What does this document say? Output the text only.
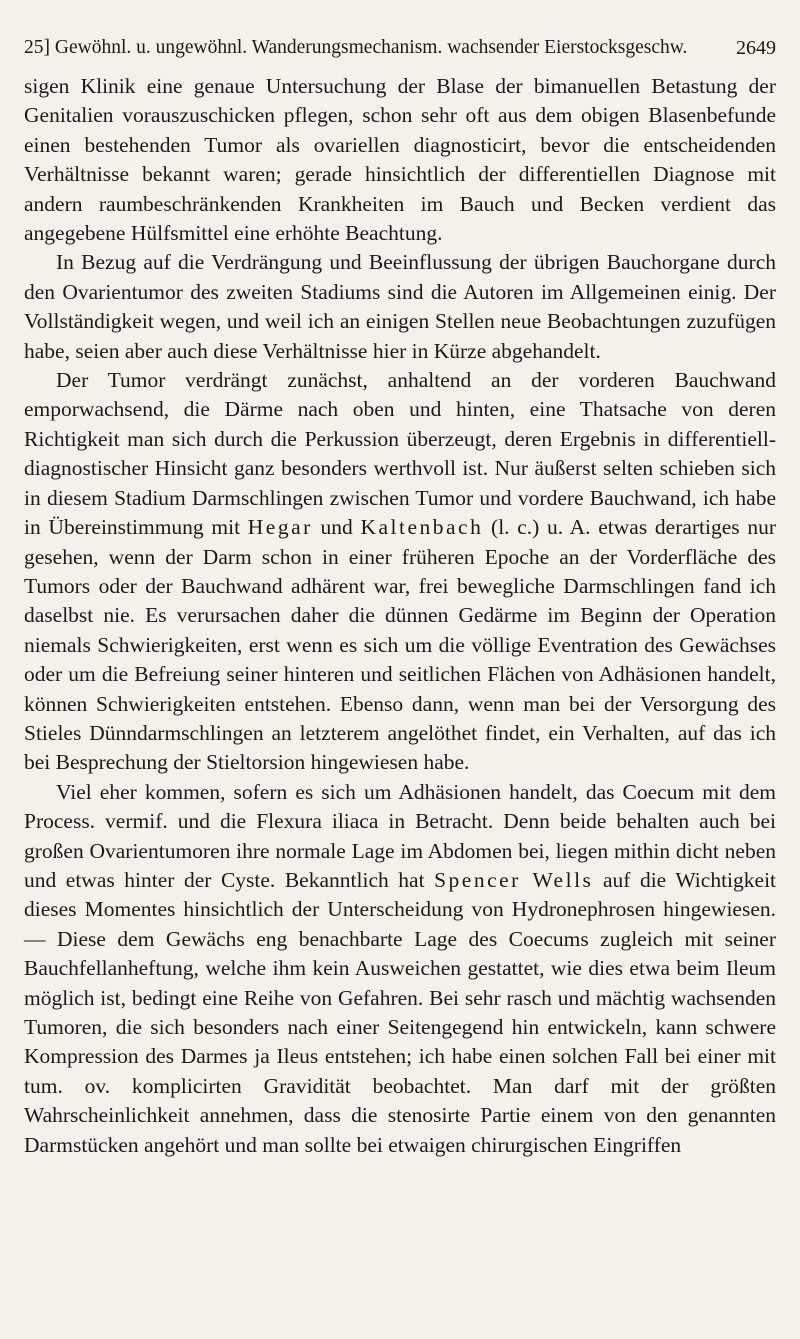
25] Gewöhnl. u. ungewöhnl. Wanderungsmechanism. wachsender Eierstocksgeschw. 2649

sigen Klinik eine genaue Untersuchung der Blase der bimanuellen Betastung der Genitalien vorauszuschicken pflegen, schon sehr oft aus dem obigen Blasenbefunde einen bestehenden Tumor als ovariellen diagnosticirt, bevor die entscheidenden Verhältnisse bekannt waren; gerade hinsichtlich der differentiellen Diagnose mit andern raumbeschränkenden Krankheiten im Bauch und Becken verdient das angegebene Hülfsmittel eine erhöhte Beachtung.

In Bezug auf die Verdrängung und Beeinflussung der übrigen Bauchorgane durch den Ovarientumor des zweiten Stadiums sind die Autoren im Allgemeinen einig. Der Vollständigkeit wegen, und weil ich an einigen Stellen neue Beobachtungen zuzufügen habe, seien aber auch diese Verhältnisse hier in Kürze abgehandelt.

Der Tumor verdrängt zunächst, anhaltend an der vorderen Bauchwand emporwachsend, die Därme nach oben und hinten, eine Thatsache von deren Richtigkeit man sich durch die Perkussion überzeugt, deren Ergebnis in differentiell-diagnostischer Hinsicht ganz besonders werthvoll ist. Nur äußerst selten schieben sich in diesem Stadium Darmschlingen zwischen Tumor und vordere Bauchwand, ich habe in Übereinstimmung mit Hegar und Kaltenbach (l. c.) u. A. etwas derartiges nur gesehen, wenn der Darm schon in einer früheren Epoche an der Vorderfläche des Tumors oder der Bauchwand adhärent war, frei bewegliche Darmschlingen fand ich daselbst nie. Es verursachen daher die dünnen Gedärme im Beginn der Operation niemals Schwierigkeiten, erst wenn es sich um die völlige Eventration des Gewächses oder um die Befreiung seiner hinteren und seitlichen Flächen von Adhäsionen handelt, können Schwierigkeiten entstehen. Ebenso dann, wenn man bei der Versorgung des Stieles Dünndarmschlingen an letzterem angelöthet findet, ein Verhalten, auf das ich bei Besprechung der Stieltorsion hingewiesen habe.

Viel eher kommen, sofern es sich um Adhäsionen handelt, das Coecum mit dem Process. vermif. und die Flexura iliaca in Betracht. Denn beide behalten auch bei großen Ovarientumoren ihre normale Lage im Abdomen bei, liegen mithin dicht neben und etwas hinter der Cyste. Bekanntlich hat Spencer Wells auf die Wichtigkeit dieses Momentes hinsichtlich der Unterscheidung von Hydronephrosen hingewiesen. — Diese dem Gewächs eng benachbarte Lage des Coecums zugleich mit seiner Bauchfellanheftung, welche ihm kein Ausweichen gestattet, wie dies etwa beim Ileum möglich ist, bedingt eine Reihe von Gefahren. Bei sehr rasch und mächtig wachsenden Tumoren, die sich besonders nach einer Seitengegend hin entwickeln, kann schwere Kompression des Darmes ja Ileus entstehen; ich habe einen solchen Fall bei einer mit tum. ov. komplicirten Gravidität beobachtet. Man darf mit der größten Wahrscheinlichkeit annehmen, dass die stenosirte Partie einem von den genannten Darmstücken angehört und man sollte bei etwaigen chirurgischen Eingriffen
